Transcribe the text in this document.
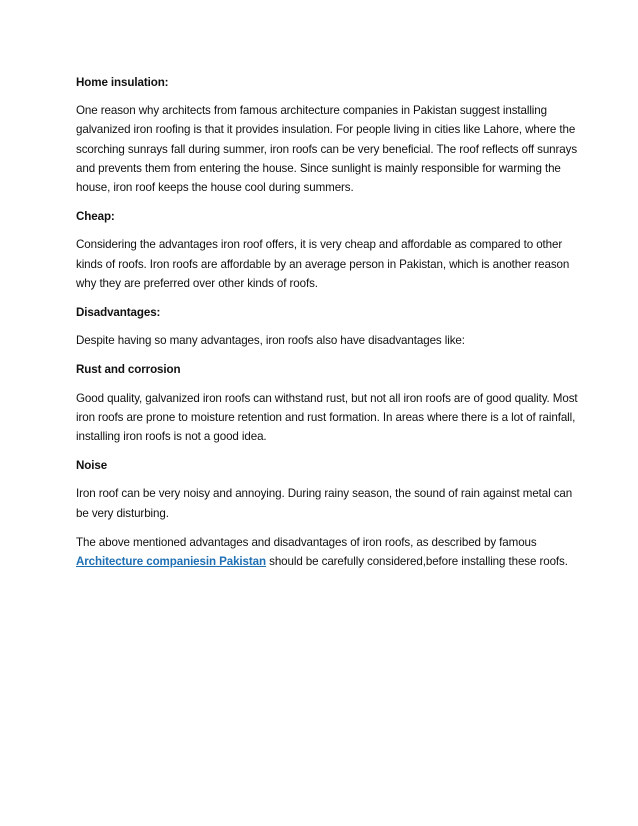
Home insulation:

One reason why architects from famous architecture companies in Pakistan suggest installing galvanized iron roofing is that it provides insulation. For people living in cities like Lahore, where the scorching sunrays fall during summer, iron roofs can be very beneficial. The roof reflects off sunrays and prevents them from entering the house. Since sunlight is mainly responsible for warming the house, iron roof keeps the house cool during summers.

Cheap:

Considering the advantages iron roof offers, it is very cheap and affordable as compared to other kinds of roofs. Iron roofs are affordable by an average person in Pakistan, which is another reason why they are preferred over other kinds of roofs.

Disadvantages:

Despite having so many advantages, iron roofs also have disadvantages like:

Rust and corrosion

Good quality, galvanized iron roofs can withstand rust, but not all iron roofs are of good quality. Most iron roofs are prone to moisture retention and rust formation. In areas where there is a lot of rainfall, installing iron roofs is not a good idea.

Noise

Iron roof can be very noisy and annoying. During rainy season, the sound of rain against metal can be very disturbing.

The above mentioned advantages and disadvantages of iron roofs, as described by famous Architecture companiesin Pakistan should be carefully considered,before installing these roofs.
